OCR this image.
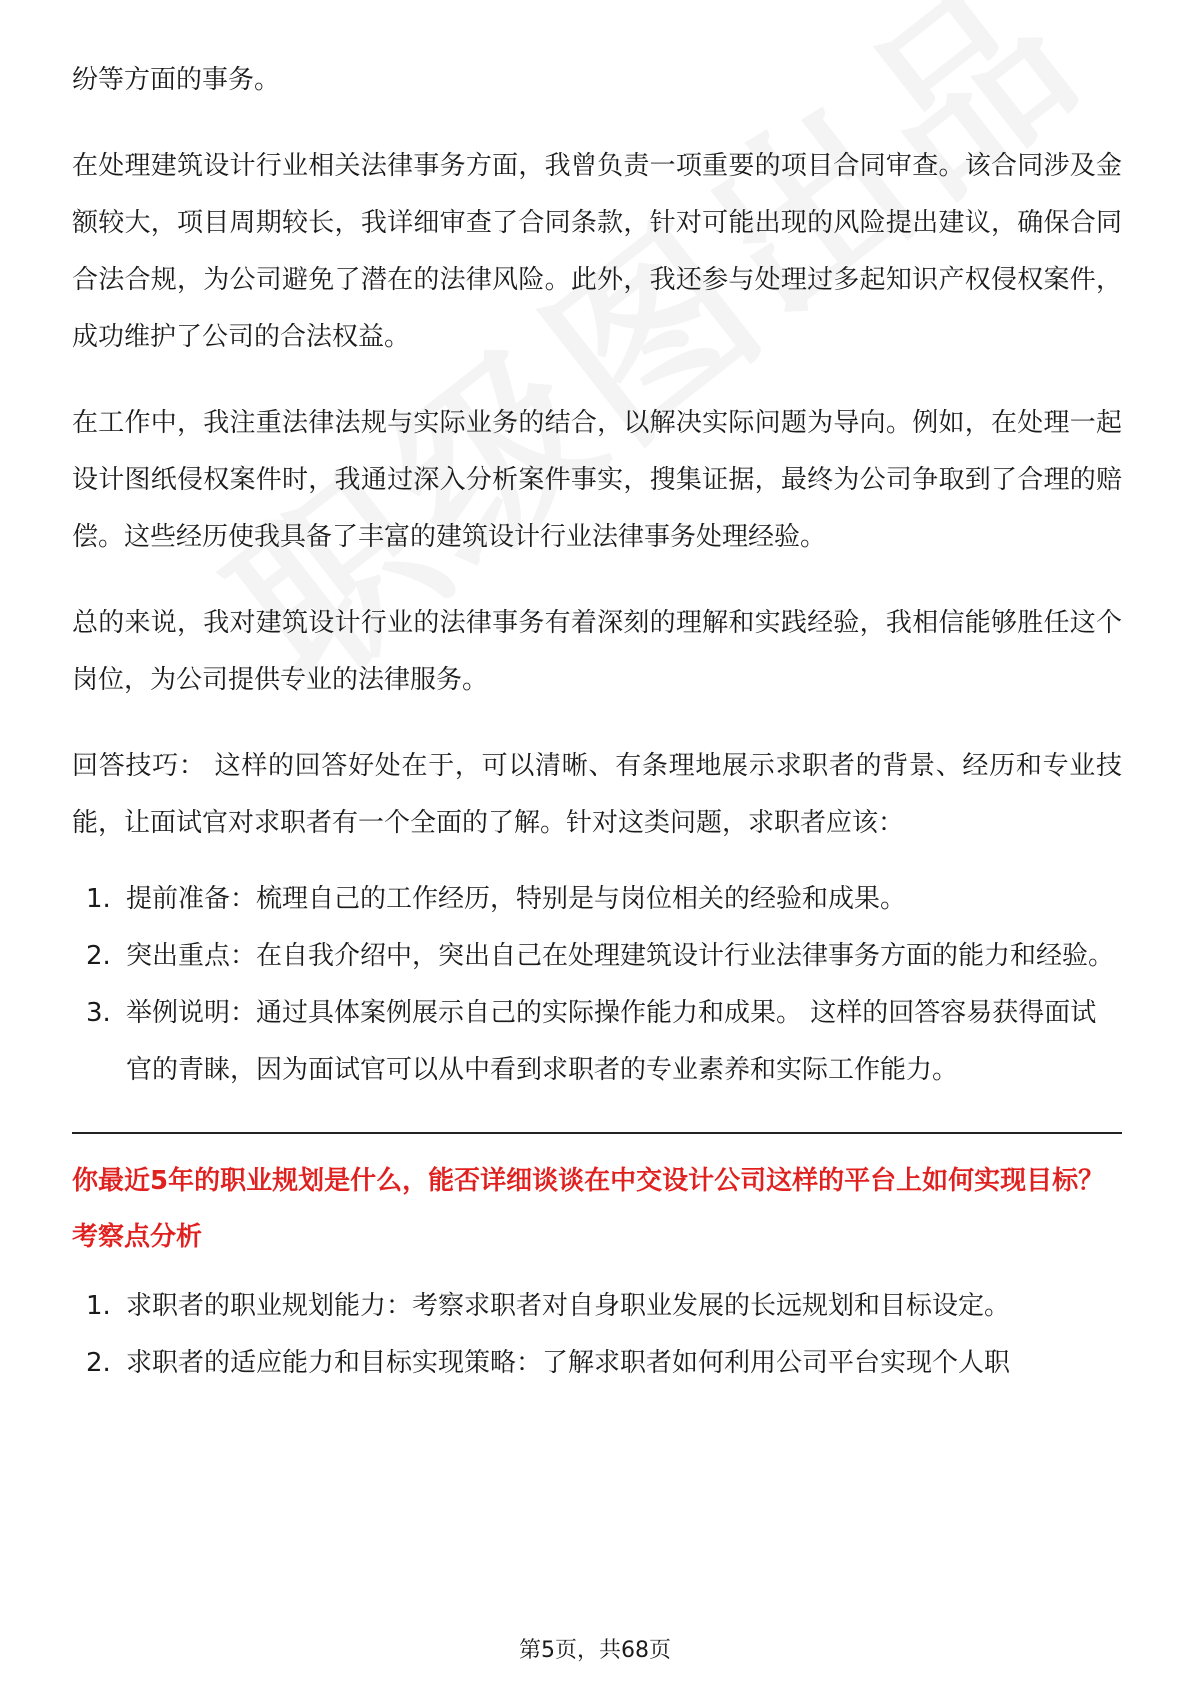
纷等方面的事务。

在处理建筑设计行业相关法律事务方面，我曾负责一项重要的项目合同审查。该合同涉及金额较大，项目周期较长，我详细审查了合同条款，针对可能出现的风险提出建议，确保合同合法合规，为公司避免了潜在的法律风险。此外，我还参与处理过多起知识产权侵权案件，成功维护了公司的合法权益。

在工作中，我注重法律法规与实际业务的结合，以解决实际问题为导向。例如，在处理一起设计图纸侵权案件时，我通过深入分析案件事实，搜集证据，最终为公司争取到了合理的赔偿。这些经历使我具备了丰富的建筑设计行业法律事务处理经验。

总的来说，我对建筑设计行业的法律事务有着深刻的理解和实践经验，我相信能够胜任这个岗位，为公司提供专业的法律服务。

回答技巧： 这样的回答好处在于，可以清晰、有条理地展示求职者的背景、经历和专业技能，让面试官对求职者有一个全面的了解。针对这类问题，求职者应该：

1. 提前准备：梳理自己的工作经历，特别是与岗位相关的经验和成果。
2. 突出重点：在自我介绍中，突出自己在处理建筑设计行业法律事务方面的能力和经验。
3. 举例说明：通过具体案例展示自己的实际操作能力和成果。 这样的回答容易获得面试官的青睐，因为面试官可以从中看到求职者的专业素养和实际工作能力。
你最近5年的职业规划是什么，能否详细谈谈在中交设计公司这样的平台上如何实现目标？
考察点分析
1. 求职者的职业规划能力：考察求职者对自身职业发展的长远规划和目标设定。
2. 求职者的适应能力和目标实现策略：了解求职者如何利用公司平台实现个人职
第5页，共68页
